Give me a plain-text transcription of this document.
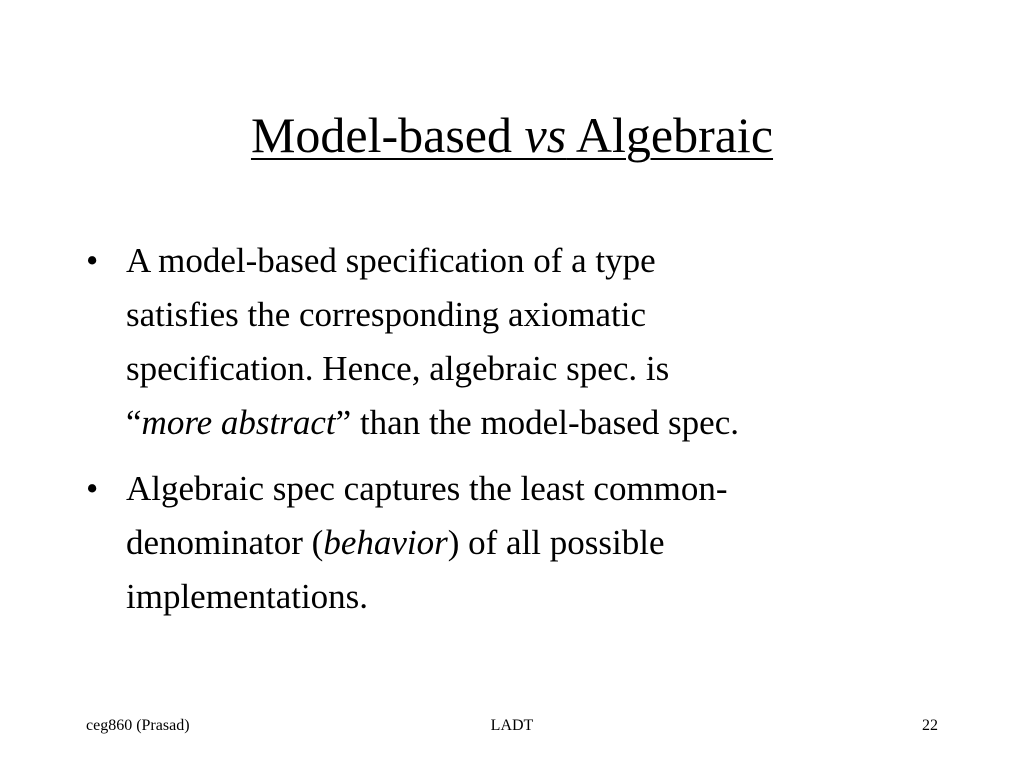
Model-based vs Algebraic
• A model-based specification of a type
satisfies the corresponding axiomatic
specification. Hence, algebraic spec. is
“more abstract” than the model-based spec.
• Algebraic spec captures the least common-
denominator (behavior) of all possible
implementations.
ceg860 (Prasad)	LADT	22
